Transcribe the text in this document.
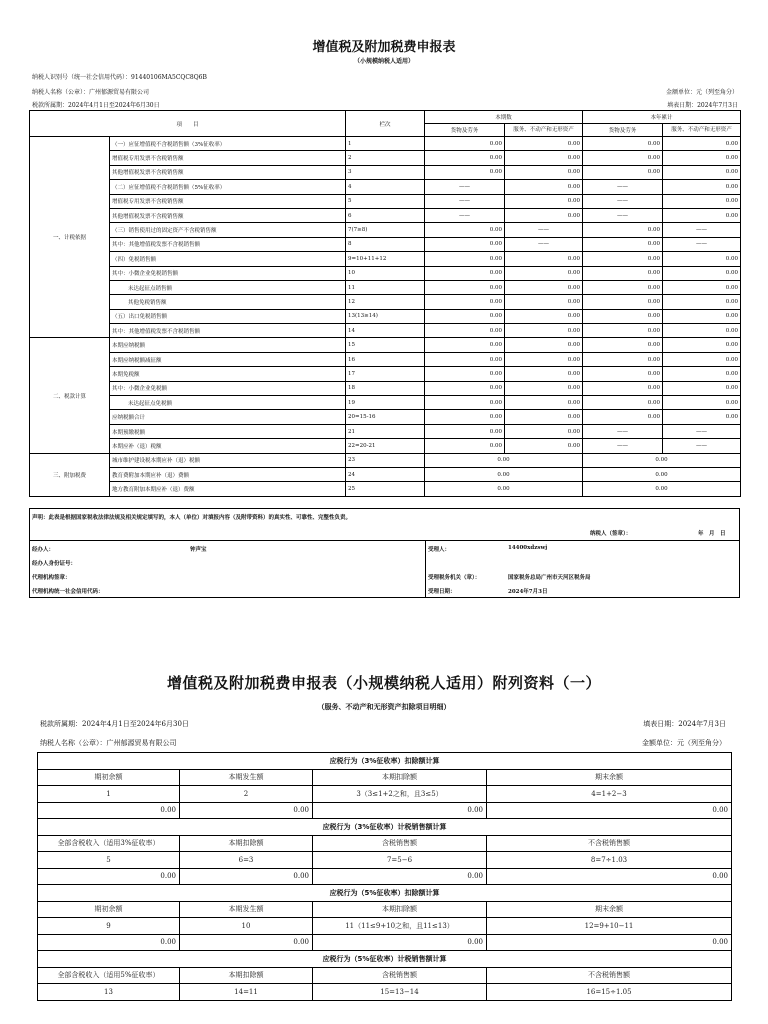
增值税及附加税费申报表
（小规模纳税人适用）
纳税人识别号（统一社会信用代码）：91440106MA5CQC8Q6B
纳税人名称（公章）：广州郁源贸易有限公司	金额单位：元（列至角分）
税款所属期：2024年4月1日至2024年6月30日	填表日期：2024年7月3日
项　　目		栏次	本期数		本年累计	
			货物及劳务	服务、不动产和无形资产	货物及劳务	服务、不动产和无形资产
一、计税依据	（一）应征增值税不含税销售额（3%征收率）	1	0.00	0.00	0.00	0.00
	增值税专用发票不含税销售额	2	0.00	0.00	0.00	0.00
	其他增值税发票不含税销售额	3	0.00	0.00	0.00	0.00
	（二）应征增值税不含税销售额（5%征收率）	4	——	0.00	——	0.00
	增值税专用发票不含税销售额	5	——	0.00	——	0.00
	其他增值税发票不含税销售额	6	——	0.00	——	0.00
	（三）销售使用过的固定资产不含税销售额	7(7≥8)	0.00	——	0.00	——
	其中：其他增值税发票不含税销售额	8	0.00	——	0.00	——
	（四）免税销售额	9=10+11+12	0.00	0.00	0.00	0.00
	其中：小微企业免税销售额	10	0.00	0.00	0.00	0.00
	未达起征点销售额	11	0.00	0.00	0.00	0.00
	其他免税销售额	12	0.00	0.00	0.00	0.00
	（五）出口免税销售额	13(13≥14)	0.00	0.00	0.00	0.00
	其中：其他增值税发票不含税销售额	14	0.00	0.00	0.00	0.00
二、税款计算	本期应纳税额	15	0.00	0.00	0.00	0.00
	本期应纳税额减征额	16	0.00	0.00	0.00	0.00
	本期免税额	17	0.00	0.00	0.00	0.00
	其中：小微企业免税额	18	0.00	0.00	0.00	0.00
	未达起征点免税额	19	0.00	0.00	0.00	0.00
	应纳税额合计	20=15-16	0.00	0.00	0.00	0.00
	本期预缴税额	21	0.00	0.00	——	——
	本期应补（退）税额	22=20-21	0.00	0.00	——	——
三、附加税费	城市维护建设税本期应补（退）税额	23	0.00		0.00	
	教育费附加本期应补（退）费额	24	0.00		0.00	
	地方教育附加本期应补（退）费额	25	0.00		0.00	
声明：此表是根据国家税收法律法规及相关规定填写的，本人（单位）对填报内容（及附带资料）的真实性、可靠性、完整性负责。
纳税人（签章）：	年　月　日
经办人：	钟声宝
经办人身份证号：
代理机构签章：
代理机构统一社会信用代码：
受理人：	14400xdzswj
受理税务机关（章）：	国家税务总局广州市天河区税务局
受理日期：	2024年7月3日
增值税及附加税费申报表（小规模纳税人适用）附列资料（一）
（服务、不动产和无形资产扣除项目明细）
税款所属期：2024年4月1日至2024年6月30日	填表日期：2024年7月3日
纳税人名称（公章）：广州郁源贸易有限公司	金额单位：元（列至角分）
应税行为（3%征收率）扣除额计算			
期初余额	本期发生额	本期扣除额	期末余额
1	2	3（3≤1+2之和，且3≤5）	4=1+2−3
0.00	0.00	0.00	0.00
应税行为（3%征收率）计税销售额计算			
全部含税收入（适用3%征收率）	本期扣除额	含税销售额	不含税销售额
5	6=3	7=5−6	8=7÷1.03
0.00	0.00	0.00	0.00
应税行为（5%征收率）扣除额计算			
期初余额	本期发生额	本期扣除额	期末余额
9	10	11（11≤9+10之和，且11≤13）	12=9+10−11
0.00	0.00	0.00	0.00
应税行为（5%征收率）计税销售额计算			
全部含税收入（适用5%征收率）	本期扣除额	含税销售额	不含税销售额
13	14=11	15=13−14	16=15÷1.05
